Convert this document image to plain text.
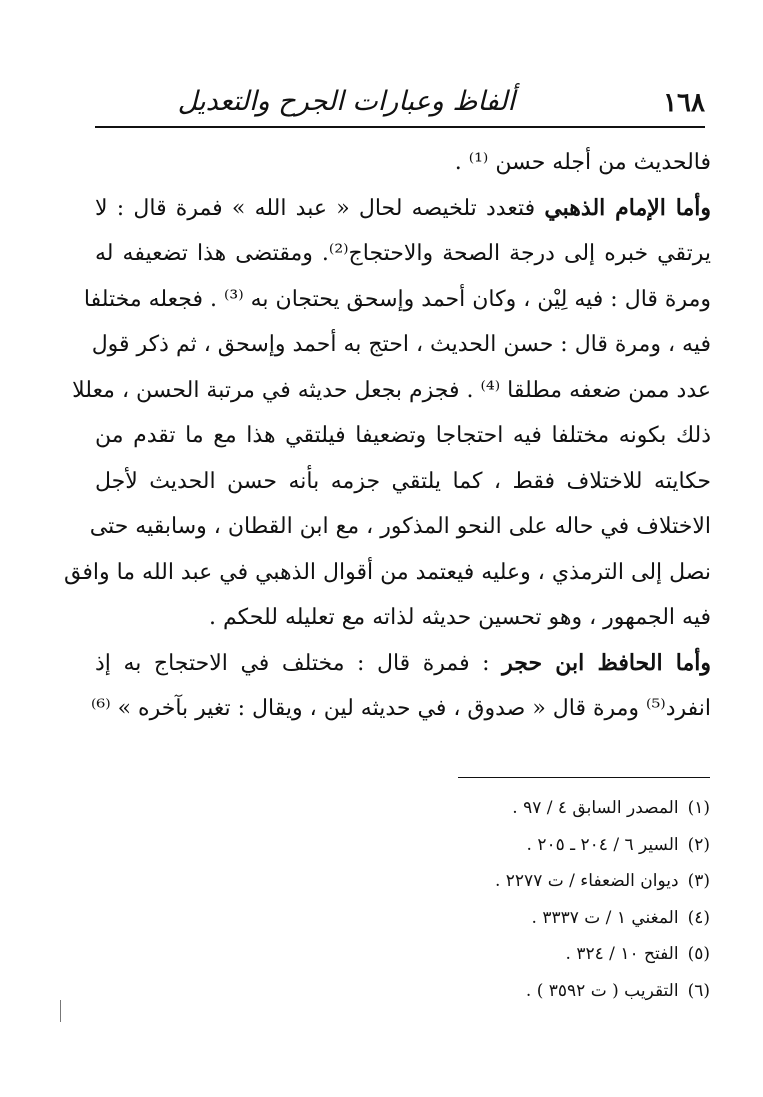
١٦٨
ألفاظ وعبارات الجرح والتعديل

فالحديث من أجله حسن ⁽¹⁾ .

وأما الإمام الذهبي فتعدد تلخيصه لحال « عبد الله » فمرة قال : لا
يرتقي خبره إلى درجة الصحة والاحتجاج⁽²⁾. ومقتضى هذا تضعيفه له
ومرة قال : فيه لِيْن ، وكان أحمد وإسحق يحتجان به ⁽³⁾ . فجعله مختلفا
فيه ، ومرة قال : حسن الحديث ، احتج به أحمد وإسحق ، ثم ذكر قول
عدد ممن ضعفه مطلقا ⁽⁴⁾ . فجزم بجعل حديثه في مرتبة الحسن ، معللا
ذلك بكونه مختلفا فيه احتجاجا وتضعيفا فيلتقي هذا مع ما تقدم من
حكايته للاختلاف فقط ، كما يلتقي جزمه بأنه حسن الحديث لأجل
الاختلاف في حاله على النحو المذكور ، مع ابن القطان ، وسابقيه حتى
نصل إلى الترمذي ، وعليه فيعتمد من أقوال الذهبي في عبد الله ما وافق
فيه الجمهور ، وهو تحسين حديثه لذاته مع تعليله للحكم .

وأما الحافظ ابن حجر : فمرة قال : مختلف في الاحتجاج به إذ
انفرد⁽⁵⁾ ومرة قال « صدوق ، في حديثه لين ، ويقال : تغير بآخره » ⁽⁶⁾

(١) المصدر السابق ٤ / ٩٧ .
(٢) السير ٦ / ٢٠٤ ـ ٢٠٥ .
(٣) ديوان الضعفاء / ت ٢٢٧٧ .
(٤) المغني ١ / ت ٣٣٣٧ .
(٥) الفتح ١٠ / ٣٢٤ .
(٦) التقريب ( ت ٣٥٩٢ ) .
